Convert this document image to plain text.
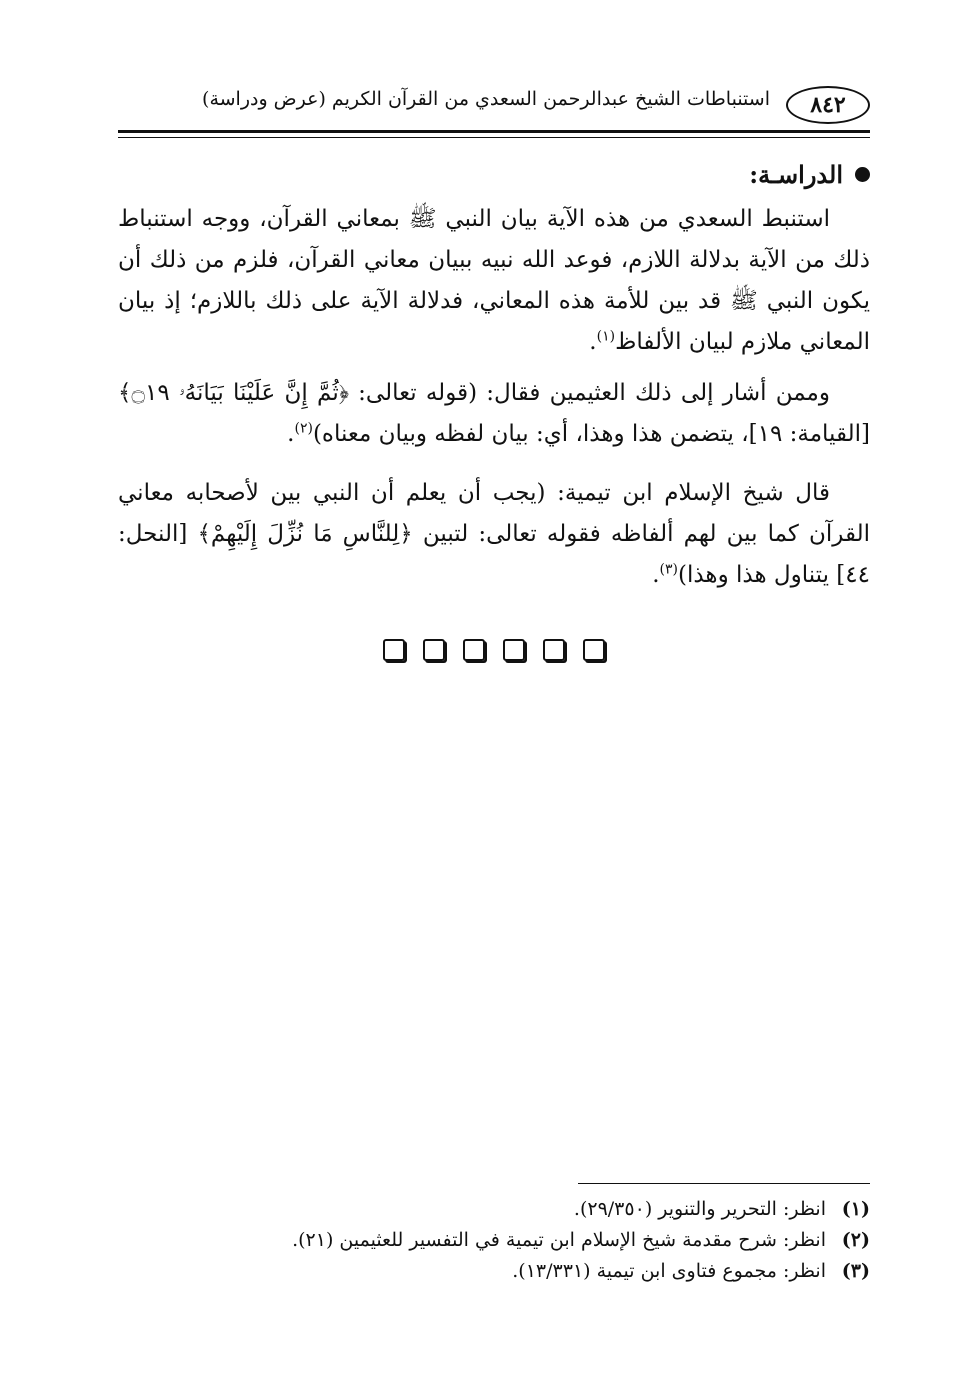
٨٤٢
استنباطات الشيخ عبدالرحمن السعدي من القرآن الكريم (عرض ودراسة)
الدراسـة:

استنبط السعدي من هذه الآية بيان النبي ﷺ بمعاني القرآن، ووجه استنباط ذلك من الآية بدلالة اللازم، فوعد الله نبيه ببيان معاني القرآن، فلزم من ذلك أن يكون النبي ﷺ قد بين للأمة هذه المعاني، فدلالة الآية على ذلك باللازم؛ إذ بيان المعاني ملازم لبيان الألفاظ$^{(١)}$.

وممن أشار إلى ذلك العثيمين فقال: (قوله تعالى: ﴿ثُمَّ إِنَّ عَلَيْنَا بَيَانَهُۥ ۝١٩﴾ [القيامة: ١٩]، يتضمن هذا وهذا، أي: بيان لفظه وبيان معناه)$^{(٢)}$.

قال شيخ الإسلام ابن تيمية: (يجب أن يعلم أن النبي بين لأصحابه معاني القرآن كما بين لهم ألفاظه فقوله تعالى: لتبين ﴿لِلنَّاسِ مَا نُزِّلَ إِلَيْهِمْ﴾ [النحل: ٤٤] يتناول هذا وهذا)$^{(٣)}$.

(١)
انظر: التحرير والتنوير (٢٩/٣٥٠).
(٢)
انظر: شرح مقدمة شيخ الإسلام ابن تيمية في التفسير للعثيمين (٢١).
(٣)
انظر: مجموع فتاوى ابن تيمية (١٣/٣٣١).
